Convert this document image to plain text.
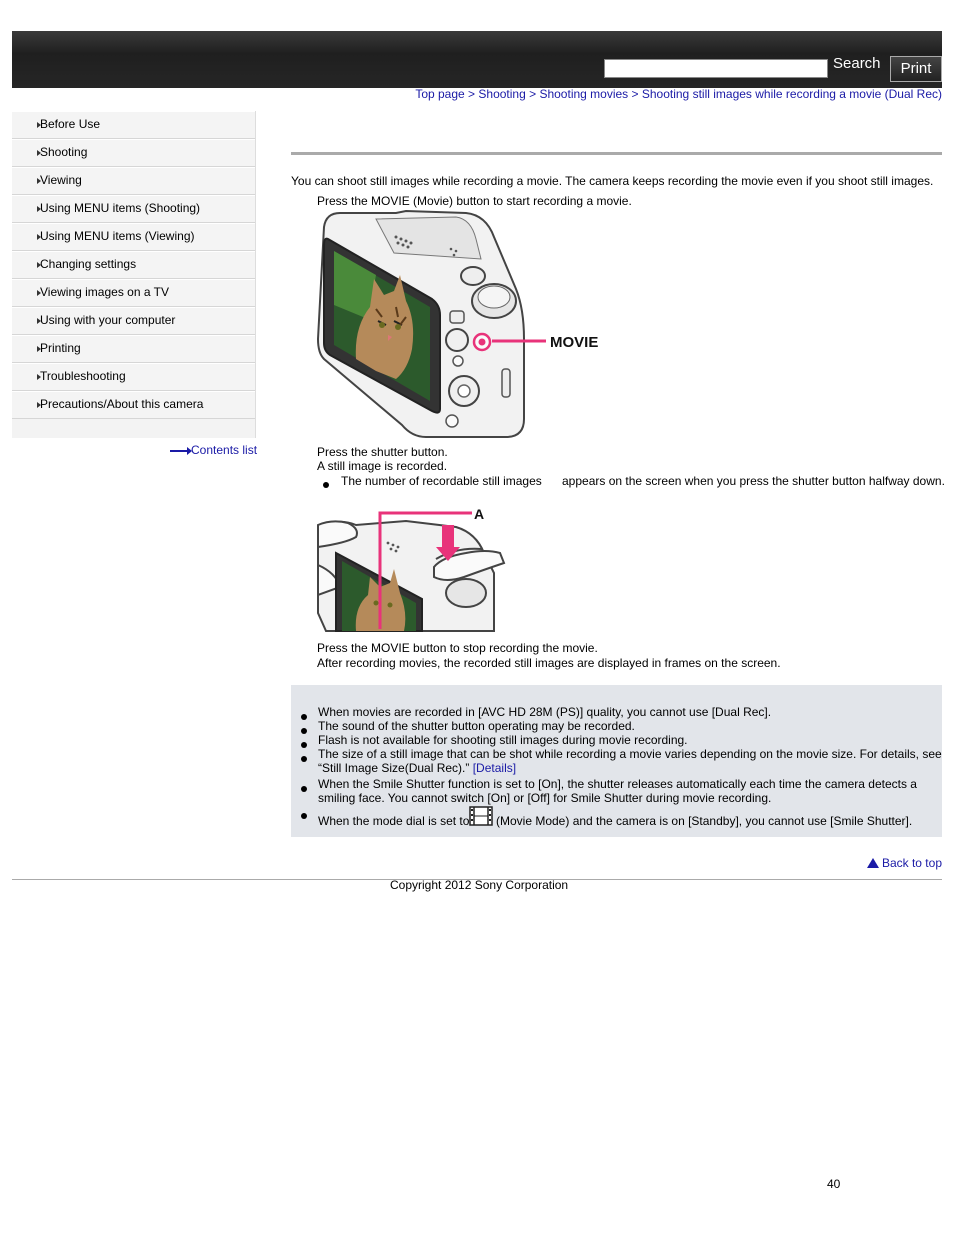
Search	Print
Top page > Shooting > Shooting movies > Shooting still images while recording a movie (Dual Rec)
Before Use
Shooting
Viewing
Using MENU items (Shooting)
Using MENU items (Viewing)
Changing settings
Viewing images on a TV
Using with your computer
Printing
Troubleshooting
Precautions/About this camera
Contents list
You can shoot still images while recording a movie. The camera keeps recording the movie even if you shoot still images.
Press the MOVIE (Movie) button to start recording a movie.
MOVIE
Press the shutter button.
A still image is recorded.
The number of recordable still images appears on the screen when you press the shutter button halfway down.
A
Press the MOVIE button to stop recording the movie.
After recording movies, the recorded still images are displayed in frames on the screen.
When movies are recorded in [AVC HD 28M (PS)] quality, you cannot use [Dual Rec].
The sound of the shutter button operating may be recorded.
Flash is not available for shooting still images during movie recording.
The size of a still image that can be shot while recording a movie varies depending on the movie size. For details, see
“Still Image Size(Dual Rec).” [Details]
When the Smile Shutter function is set to [On], the shutter releases automatically each time the camera detects a
smiling face. You cannot switch [On] or [Off] for Smile Shutter during movie recording.
When the mode dial is set to (Movie Mode) and the camera is on [Standby], you cannot use [Smile Shutter].
Back to top
Copyright 2012 Sony Corporation
40
